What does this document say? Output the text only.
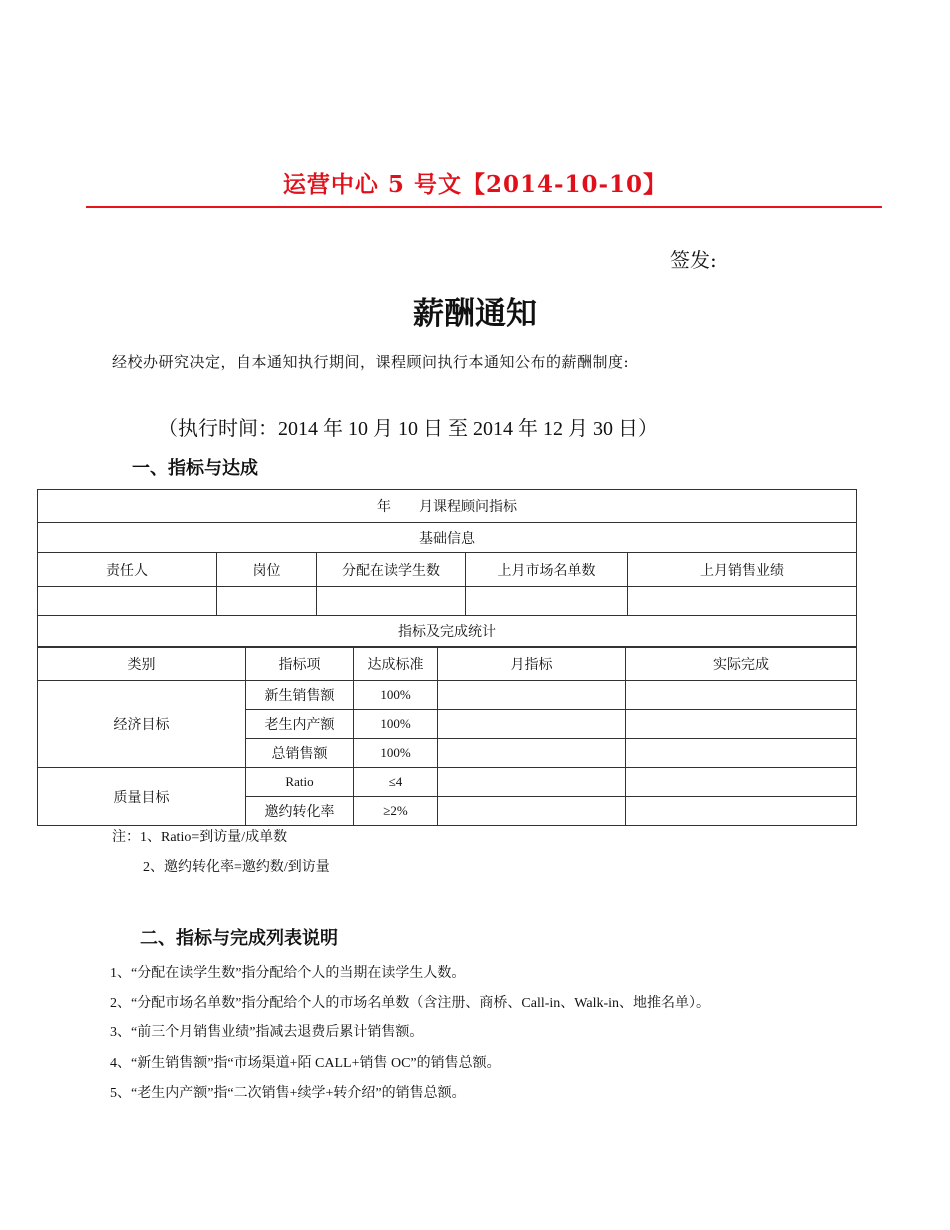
运营中心 5 号文【2014-10-10】
签发:
薪酬通知
经校办研究决定，自本通知执行期间，课程顾问执行本通知公布的薪酬制度:
（执行时间：2014 年 10 月 10 日 至 2014 年 12 月 30 日）
一、指标与达成
年　　月课程顾问指标				
基础信息				
责任人	岗位	分配在读学生数	上月市场名单数	上月销售业绩

指标及完成统计				
类别	指标项	达成标准	月指标	实际完成
经济目标	新生销售额	100%		
	老生内产额	100%		
	总销售额	100%		
质量目标	Ratio	≤4		
	邀约转化率	≥2%		
注：1、Ratio=到访量/成单数
2、邀约转化率=邀约数/到访量
二、指标与完成列表说明
1、“分配在读学生数”指分配给个人的当期在读学生人数。
2、“分配市场名单数”指分配给个人的市场名单数（含注册、商桥、Call-in、Walk-in、地推名单）。
3、“前三个月销售业绩”指减去退费后累计销售额。
4、“新生销售额”指“市场渠道+陌 CALL+销售 OC”的销售总额。
5、“老生内产额”指“二次销售+续学+转介绍”的销售总额。
